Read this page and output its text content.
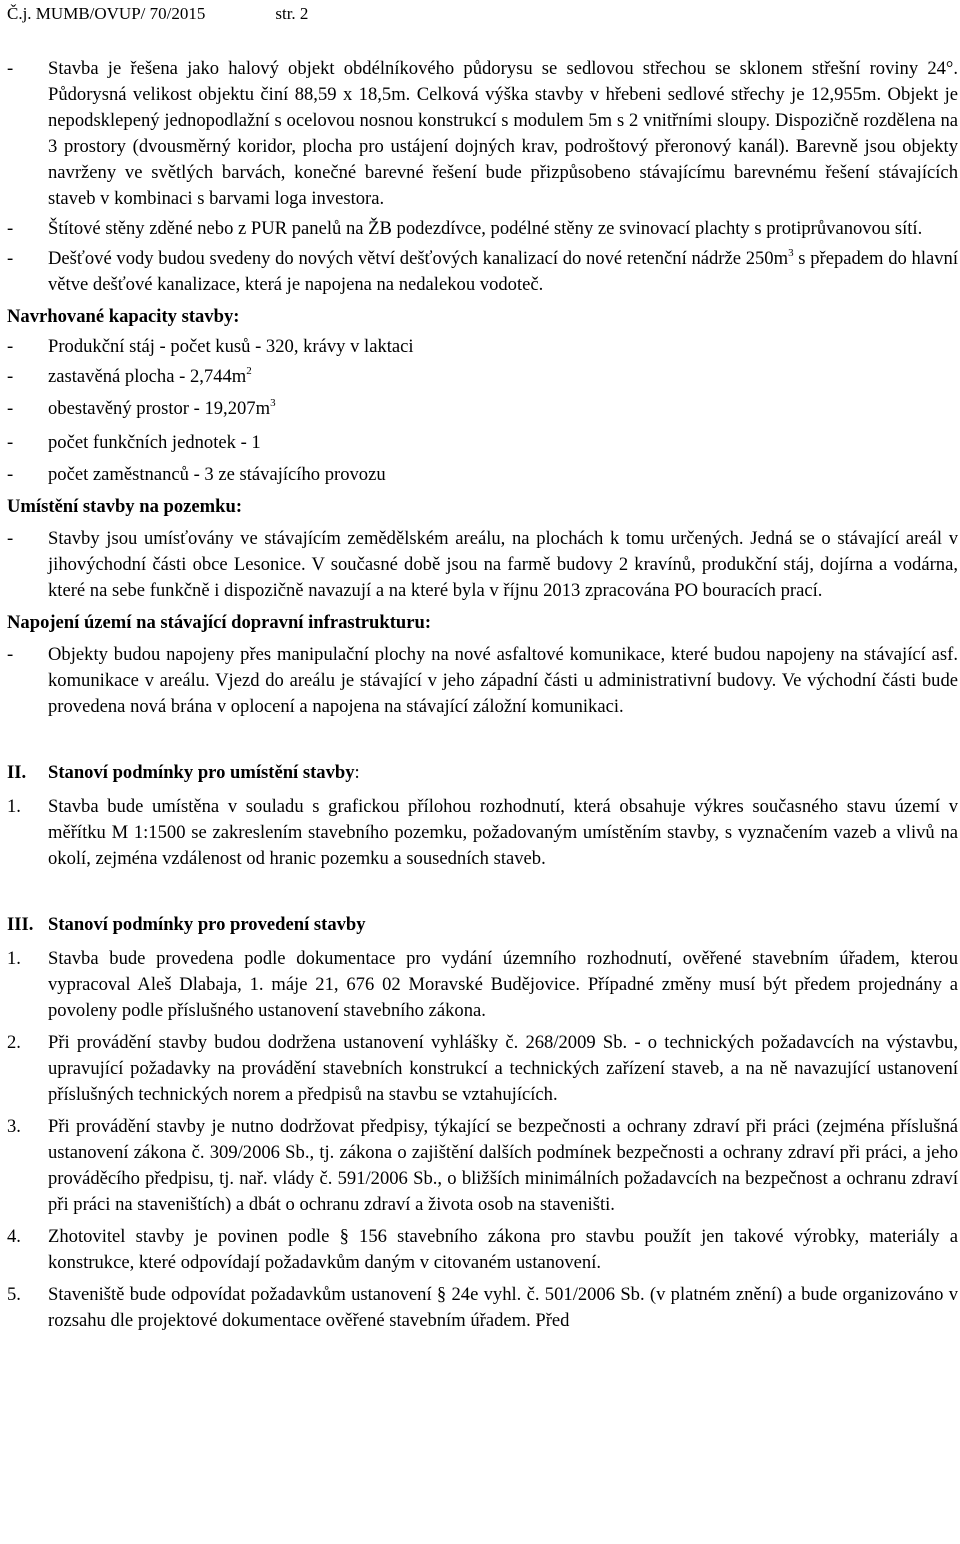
Č.j. MUMB/OVUP/ 70/2015	str. 2
- Stavba je řešena jako halový objekt obdélníkového půdorysu se sedlovou střechou se sklonem střešní roviny 24°. Půdorysná velikost objektu činí 88,59 x 18,5m. Celková výška stavby v hřebeni sedlové střechy je 12,955m. Objekt je nepodsklepený jednopodlažní s ocelovou nosnou konstrukcí s modulem 5m s 2 vnitřními sloupy. Dispozičně rozdělena na 3 prostory (dvousměrný koridor, plocha pro ustájení dojných krav, podroštový přeronový kanál). Barevně jsou objekty navrženy ve světlých barvách, konečné barevné řešení bude přizpůsobeno stávajícímu barevnému řešení stávajících staveb v kombinaci s barvami loga investora.
- Štítové stěny zděné nebo z PUR panelů na ŽB podezdívce, podélné stěny ze svinovací plachty s protiprůvanovou sítí.
- Dešťové vody budou svedeny do nových větví dešťových kanalizací do nové retenční nádrže $250m^3$ s přepadem do hlavní větve dešťové kanalizace, která je napojena na nedalekou vodoteč.
Navrhované kapacity stavby:
- Produkční stáj - počet kusů - 320, krávy v laktaci
- zastavěná plocha - $2,744m^2$
- obestavěný prostor - $19,207m^3$
- počet funkčních jednotek - 1
- počet zaměstnanců - 3 ze stávajícího provozu
Umístění stavby na pozemku:
- Stavby jsou umísťovány ve stávajícím zemědělském areálu, na plochách k tomu určených. Jedná se o stávající areál v jihovýchodní části obce Lesonice. V současné době jsou na farmě budovy 2 kravínů, produkční stáj, dojírna a vodárna, které na sebe funkčně i dispozičně navazují a na které byla v říjnu 2013 zpracována PO bouracích prací.
Napojení území na stávající dopravní infrastrukturu:
- Objekty budou napojeny přes manipulační plochy na nové asfaltové komunikace, které budou napojeny na stávající asf. komunikace v areálu. Vjezd do areálu je stávající v jeho západní části u administrativní budovy. Ve východní části bude provedena nová brána v oplocení a napojena na stávající záložní komunikaci.
II. Stanoví podmínky pro umístění stavby:
1. Stavba bude umístěna v souladu s grafickou přílohou rozhodnutí, která obsahuje výkres současného stavu území v měřítku M 1:1500 se zakreslením stavebního pozemku, požadovaným umístěním stavby, s vyznačením vazeb a vlivů na okolí, zejména vzdálenost od hranic pozemku a sousedních staveb.
III. Stanoví podmínky pro provedení stavby
1. Stavba bude provedena podle dokumentace pro vydání územního rozhodnutí, ověřené stavebním úřadem, kterou vypracoval Aleš Dlabaja, 1. máje 21, 676 02 Moravské Budějovice. Případné změny musí být předem projednány a povoleny podle příslušného ustanovení stavebního zákona.
2. Při provádění stavby budou dodržena ustanovení vyhlášky č. 268/2009 Sb. - o technických požadavcích na výstavbu, upravující požadavky na provádění stavebních konstrukcí a technických zařízení staveb, a na ně navazující ustanovení příslušných technických norem a předpisů na stavbu se vztahujících.
3. Při provádění stavby je nutno dodržovat předpisy, týkající se bezpečnosti a ochrany zdraví při práci (zejména příslušná ustanovení zákona č. 309/2006 Sb., tj. zákona o zajištění dalších podmínek bezpečnosti a ochrany zdraví při práci, a jeho prováděcího předpisu, tj. nař. vlády č. 591/2006 Sb., o bližších minimálních požadavcích na bezpečnost a ochranu zdraví při práci na staveništích) a dbát o ochranu zdraví a života osob na staveništi.
4. Zhotovitel stavby je povinen podle § 156 stavebního zákona pro stavbu použít jen takové výrobky, materiály a konstrukce, které odpovídají požadavkům daným v citovaném ustanovení.
5. Staveniště bude odpovídat požadavkům ustanovení § 24e vyhl. č. 501/2006 Sb. (v platném znění) a bude organizováno v rozsahu dle projektové dokumentace ověřené stavebním úřadem. Před
